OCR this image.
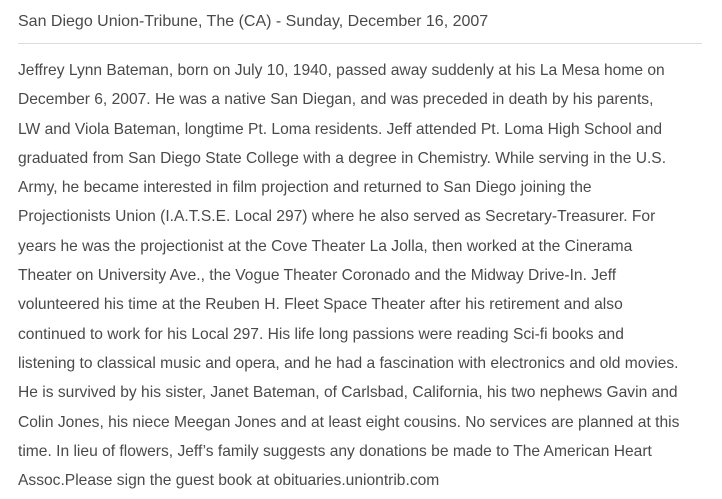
San Diego Union-Tribune, The (CA) - Sunday, December 16, 2007

Jeffrey Lynn Bateman, born on July 10, 1940, passed away suddenly at his La Mesa home on
December 6, 2007. He was a native San Diegan, and was preceded in death by his parents,
LW and Viola Bateman, longtime Pt. Loma residents. Jeff attended Pt. Loma High School and
graduated from San Diego State College with a degree in Chemistry. While serving in the U.S.
Army, he became interested in film projection and returned to San Diego joining the
Projectionists Union (I.A.T.S.E. Local 297) where he also served as Secretary-Treasurer. For
years he was the projectionist at the Cove Theater La Jolla, then worked at the Cinerama
Theater on University Ave., the Vogue Theater Coronado and the Midway Drive-In. Jeff
volunteered his time at the Reuben H. Fleet Space Theater after his retirement and also
continued to work for his Local 297. His life long passions were reading Sci-fi books and
listening to classical music and opera, and he had a fascination with electronics and old movies.
He is survived by his sister, Janet Bateman, of Carlsbad, California, his two nephews Gavin and
Colin Jones, his niece Meegan Jones and at least eight cousins. No services are planned at this
time. In lieu of flowers, Jeff’s family suggests any donations be made to The American Heart
Assoc.Please sign the guest book at obituaries.uniontrib.com
